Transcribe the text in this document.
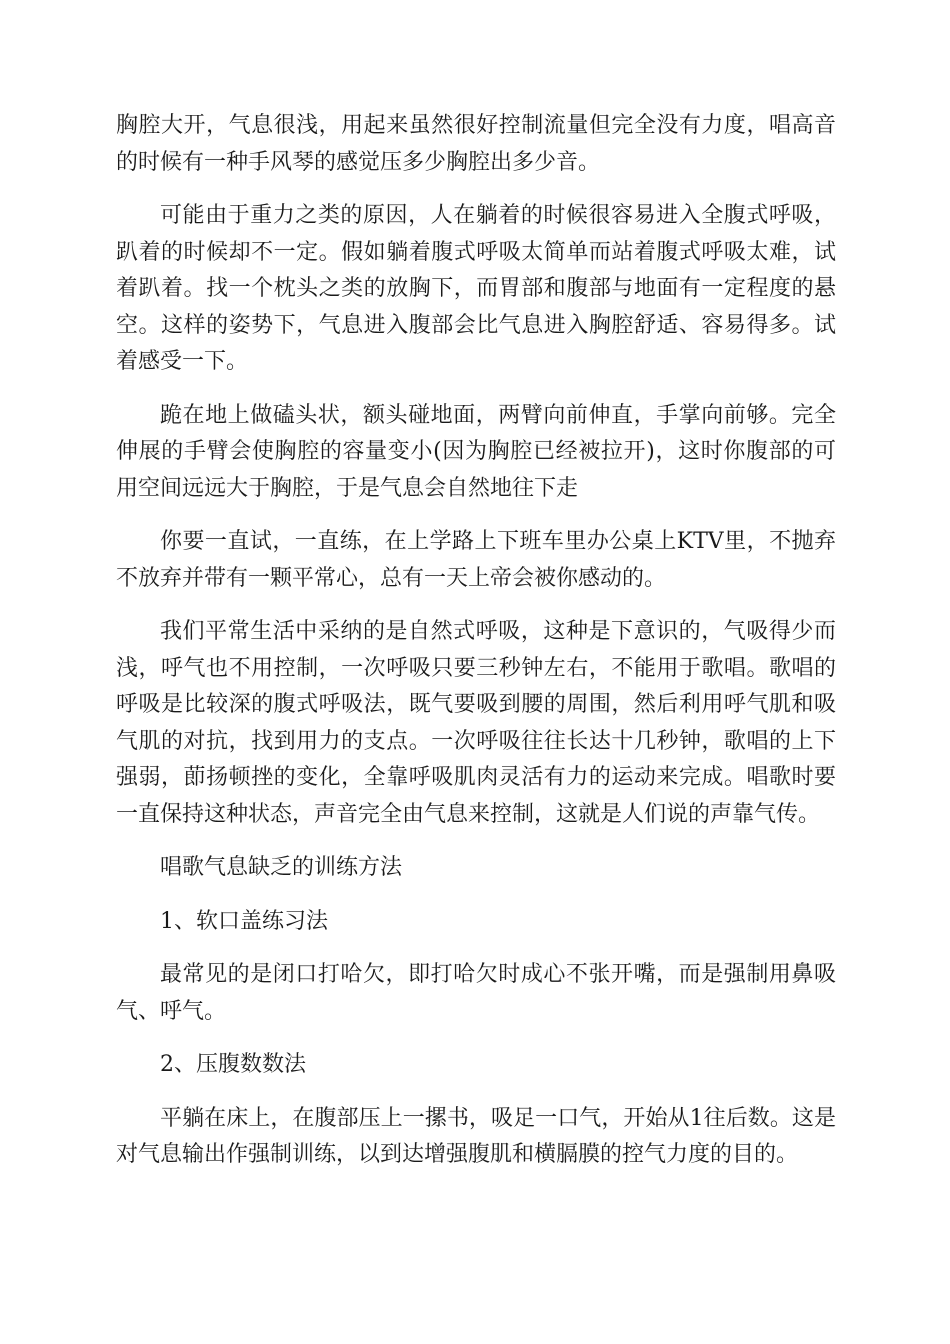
胸腔大开，气息很浅，用起来虽然很好控制流量但完全没有力度，唱高音的时候有一种手风琴的感觉压多少胸腔出多少音。

可能由于重力之类的原因，人在躺着的时候很容易进入全腹式呼吸，趴着的时候却不一定。假如躺着腹式呼吸太简单而站着腹式呼吸太难，试着趴着。找一个枕头之类的放胸下，而胃部和腹部与地面有一定程度的悬空。这样的姿势下，气息进入腹部会比气息进入胸腔舒适、容易得多。试着感受一下。

跪在地上做磕头状，额头碰地面，两臂向前伸直，手掌向前够。完全伸展的手臂会使胸腔的容量变小(因为胸腔已经被拉开)，这时你腹部的可用空间远远大于胸腔，于是气息会自然地往下走

你要一直试，一直练，在上学路上下班车里办公桌上KTV里，不抛弃不放弃并带有一颗平常心，总有一天上帝会被你感动的。

我们平常生活中采纳的是自然式呼吸，这种是下意识的，气吸得少而浅，呼气也不用控制，一次呼吸只要三秒钟左右，不能用于歌唱。歌唱的呼吸是比较深的腹式呼吸法，既气要吸到腰的周围，然后利用呼气肌和吸气肌的对抗，找到用力的支点。一次呼吸往往长达十几秒钟，歌唱的上下强弱，莭扬顿挫的变化，全靠呼吸肌肉灵活有力的运动来完成。唱歌时要一直保持这种状态，声音完全由气息来控制，这就是人们说的声靠气传。

唱歌气息缺乏的训练方法

1、软口盖练习法

最常见的是闭口打哈欠，即打哈欠时成心不张开嘴，而是强制用鼻吸气、呼气。

2、压腹数数法

平躺在床上，在腹部压上一摞书，吸足一口气，开始从1往后数。这是对气息输出作强制训练，以到达增强腹肌和横膈膜的控气力度的目的。
